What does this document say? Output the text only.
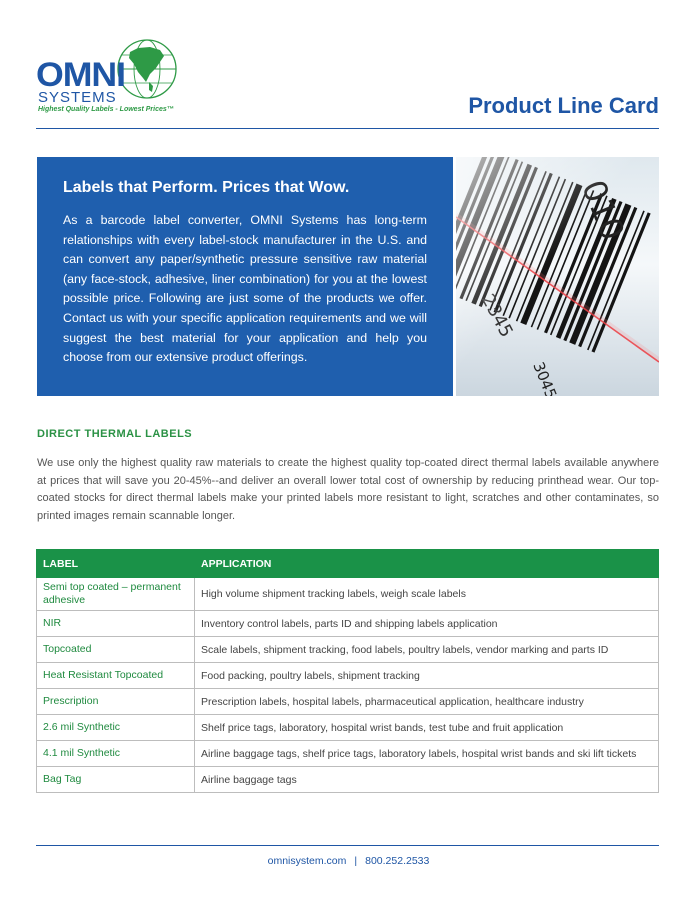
OMNI
SYSTEMS
Highest Quality Labels - Lowest Prices™	Product Line Card
Labels that Perform. Prices that Wow.

As a barcode label converter, OMNI Systems has long-term relationships with every label-stock manufacturer in the U.S. and can convert any paper/synthetic pressure sensitive raw material (any face-stock, adhesive, liner combination) for you at the lowest possible price. Following are just some of the products we offer. Contact us with your specific application requirements and we will suggest the best material for your application and help you choose from our extensive product offerings.

DIRECT THERMAL LABELS

We use only the highest quality raw materials to create the highest quality top-coated direct thermal labels available anywhere at prices that will save you 20-45%--and deliver an overall lower total cost of ownership by reducing printhead wear. Our top-coated stocks for direct thermal labels make your printed labels more resistant to light, scratches and other contaminates, so printed images remain scannable longer.

LABEL	APPLICATION
Semi top coated – permanent adhesive	High volume shipment tracking labels, weigh scale labels
NIR	Inventory control labels, parts ID and shipping labels application
Topcoated	Scale labels, shipment tracking, food labels, poultry labels, vendor marking and parts ID
Heat Resistant Topcoated	Food packing, poultry labels, shipment tracking
Prescription	Prescription labels, hospital labels, pharmaceutical application, healthcare industry
2.6 mil Synthetic	Shelf price tags, laboratory, hospital wrist bands, test tube and fruit application
4.1 mil Synthetic	Airline baggage tags, shelf price tags, laboratory labels, hospital wrist bands and ski lift tickets
Bag Tag	Airline baggage tags
omnisystem.com | 800.252.2533
